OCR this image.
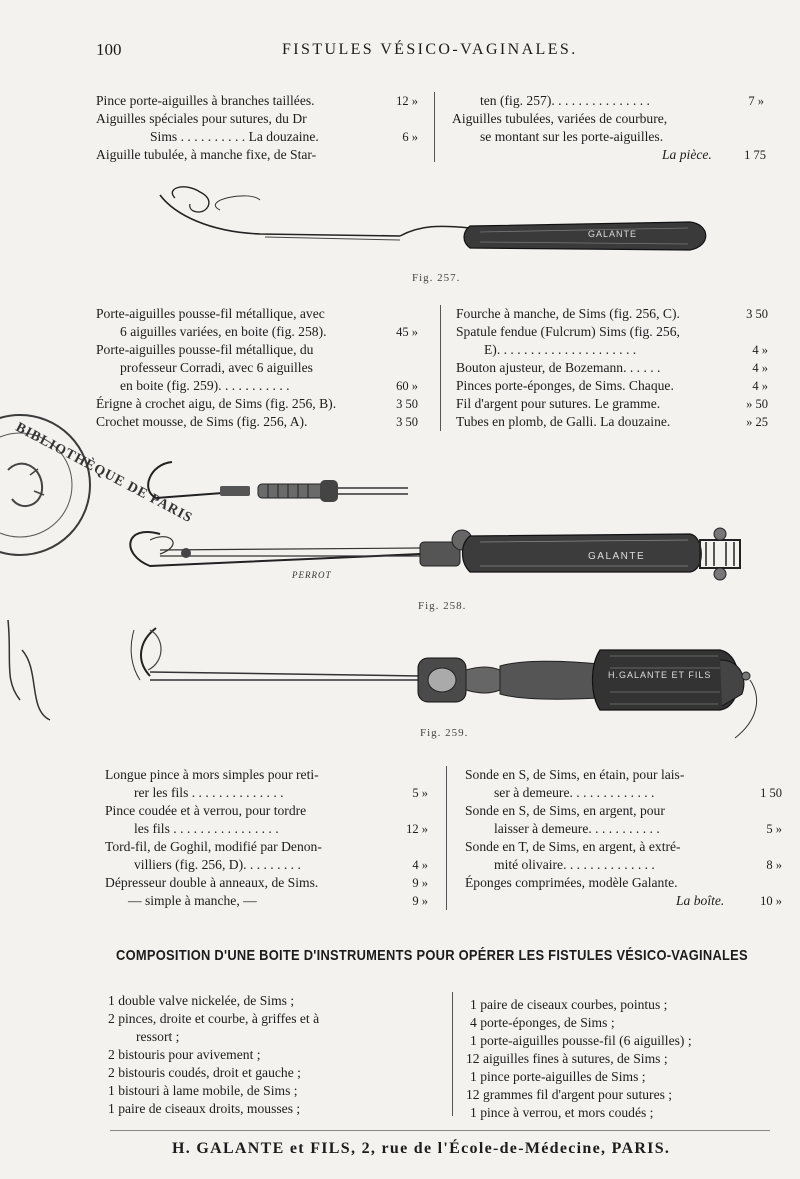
100	FISTULES VÉSICO-VAGINALES.
Pince porte-aiguilles à branches taillées.	12 »
Aiguilles spéciales pour sutures, du Dr
Sims . . . . . . . . . . La douzaine.	6 »
Aiguille tubulée, à manche fixe, de Star-
ten (fig. 257). . . . . . . . . . . . . . .	7 »
Aiguilles tubulées, variées de courbure,
se montant sur les porte-aiguilles.
La pièce.	1 75
GALANTE
Fig. 257.
Porte-aiguilles pousse-fil métallique, avec
6 aiguilles variées, en boite (fig. 258).	45 »
Porte-aiguilles pousse-fil métallique, du
professeur Corradi, avec 6 aiguilles
en boite (fig. 259). . . . . . . . . . .	60 »
Érigne à crochet aigu, de Sims (fig. 256, B).	3 50
Crochet mousse, de Sims (fig. 256, A).	3 50
Fourche à manche, de Sims (fig. 256, C).	3 50
Spatule fendue (Fulcrum) Sims (fig. 256,
E). . . . . . . . . . . . . . . . . . . . .	4 »
Bouton ajusteur, de Bozemann. . . . . .	4 »
Pinces porte-éponges, de Sims. Chaque.	4 »
Fil d'argent pour sutures. Le gramme.	» 50
Tubes en plomb, de Galli. La douzaine.	» 25
BIBLIOTHÈQUE DE PARIS
GALANTE
PERROT
Fig. 258.
H.GALANTE ET FILS
Fig. 259.
Longue pince à mors simples pour reti-
rer les fils . . . . . . . . . . . . . .	5 »
Pince coudée et à verrou, pour tordre
les fils . . . . . . . . . . . . . . . .	12 »
Tord-fil, de Goghil, modifié par Denon-
villiers (fig. 256, D). . . . . . . . .	4 »
Dépresseur double à anneaux, de Sims.	9 »
— simple à manche, —	9 »
Sonde en S, de Sims, en étain, pour lais-
ser à demeure. . . . . . . . . . . . .	1 50
Sonde en S, de Sims, en argent, pour
laisser à demeure. . . . . . . . . . .	5 »
Sonde en T, de Sims, en argent, à extré-
mité olivaire. . . . . . . . . . . . . .	8 »
Éponges comprimées, modèle Galante.
La boîte.	10 »
COMPOSITION D'UNE BOITE D'INSTRUMENTS POUR OPÉRER LES FISTULES VÉSICO-VAGINALES
1 double valve nickelée, de Sims ;
2 pinces, droite et courbe, à griffes et à
ressort ;
2 bistouris pour avivement ;
2 bistouris coudés, droit et gauche ;
1 bistouri à lame mobile, de Sims ;
1 paire de ciseaux droits, mousses ;
1 paire de ciseaux courbes, pointus ;
4 porte-éponges, de Sims ;
1 porte-aiguilles pousse-fil (6 aiguilles) ;
12 aiguilles fines à sutures, de Sims ;
1 pince porte-aiguilles de Sims ;
12 grammes fil d'argent pour sutures ;
1 pince à verrou, et mors coudés ;
H. GALANTE et FILS, 2, rue de l'École-de-Médecine, PARIS.
